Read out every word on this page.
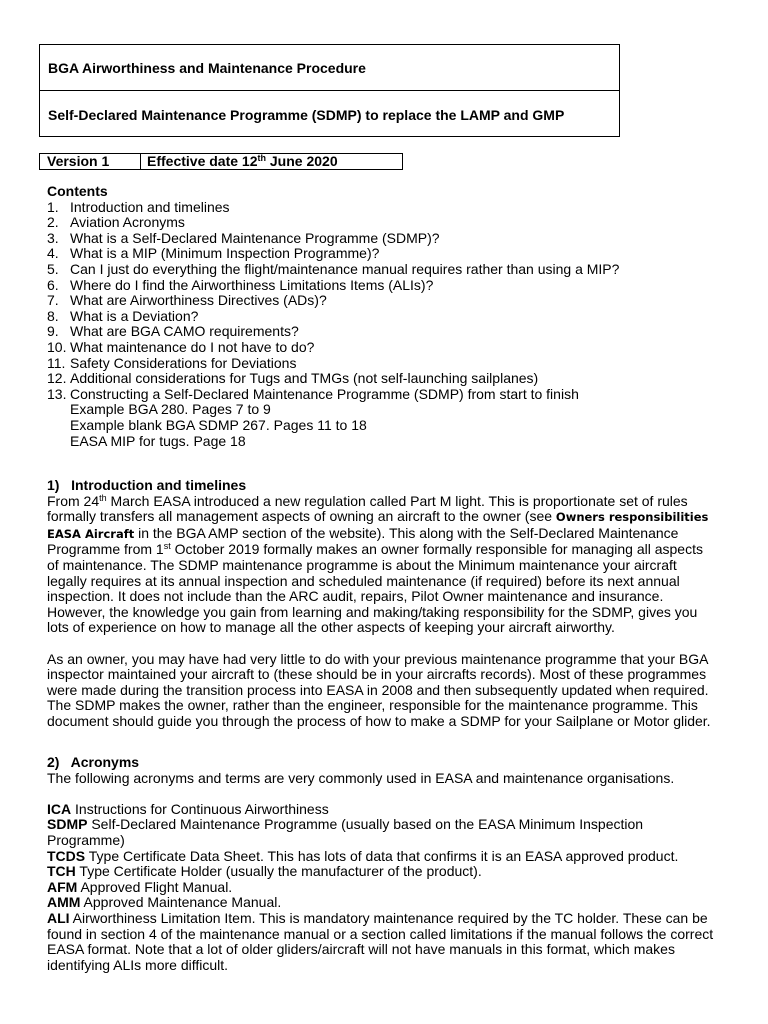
BGA Airworthiness and Maintenance Procedure
Self-Declared Maintenance Programme (SDMP) to replace the LAMP and GMP
Version 1	Effective date 12th June 2020
Contents
1. Introduction and timelines
2. Aviation Acronyms
3. What is a Self-Declared Maintenance Programme (SDMP)?
4. What is a MIP (Minimum Inspection Programme)?
5. Can I just do everything the flight/maintenance manual requires rather than using a MIP?
6. Where do I find the Airworthiness Limitations Items (ALIs)?
7. What are Airworthiness Directives (ADs)?
8. What is a Deviation?
9. What are BGA CAMO requirements?
10. What maintenance do I not have to do?
11. Safety Considerations for Deviations
12. Additional considerations for Tugs and TMGs (not self-launching sailplanes)
13. Constructing a Self-Declared Maintenance Programme (SDMP) from start to finish
Example BGA 280. Pages 7 to 9
Example blank BGA SDMP 267. Pages 11 to 18
EASA MIP for tugs. Page 18
1)   Introduction and timelines
From 24th March EASA introduced a new regulation called Part M light. This is proportionate set of rules
formally transfers all management aspects of owning an aircraft to the owner (see Owners responsibilities
EASA Aircraft in the BGA AMP section of the website). This along with the Self-Declared Maintenance
Programme from 1st October 2019 formally makes an owner formally responsible for managing all aspects
of maintenance. The SDMP maintenance programme is about the Minimum maintenance your aircraft
legally requires at its annual inspection and scheduled maintenance (if required) before its next annual
inspection. It does not include than the ARC audit, repairs, Pilot Owner maintenance and insurance.
However, the knowledge you gain from learning and making/taking responsibility for the SDMP, gives you
lots of experience on how to manage all the other aspects of keeping your aircraft airworthy.
As an owner, you may have had very little to do with your previous maintenance programme that your BGA
inspector maintained your aircraft to (these should be in your aircrafts records). Most of these programmes
were made during the transition process into EASA in 2008 and then subsequently updated when required.
The SDMP makes the owner, rather than the engineer, responsible for the maintenance programme. This
document should guide you through the process of how to make a SDMP for your Sailplane or Motor glider.
2)   Acronyms
The following acronyms and terms are very commonly used in EASA and maintenance organisations.
ICA Instructions for Continuous Airworthiness
SDMP Self-Declared Maintenance Programme (usually based on the EASA Minimum Inspection
Programme)
TCDS Type Certificate Data Sheet. This has lots of data that confirms it is an EASA approved product.
TCH Type Certificate Holder (usually the manufacturer of the product).
AFM Approved Flight Manual.
AMM Approved Maintenance Manual.
ALI Airworthiness Limitation Item. This is mandatory maintenance required by the TC holder. These can be
found in section 4 of the maintenance manual or a section called limitations if the manual follows the correct
EASA format. Note that a lot of older gliders/aircraft will not have manuals in this format, which makes
identifying ALIs more difficult.
